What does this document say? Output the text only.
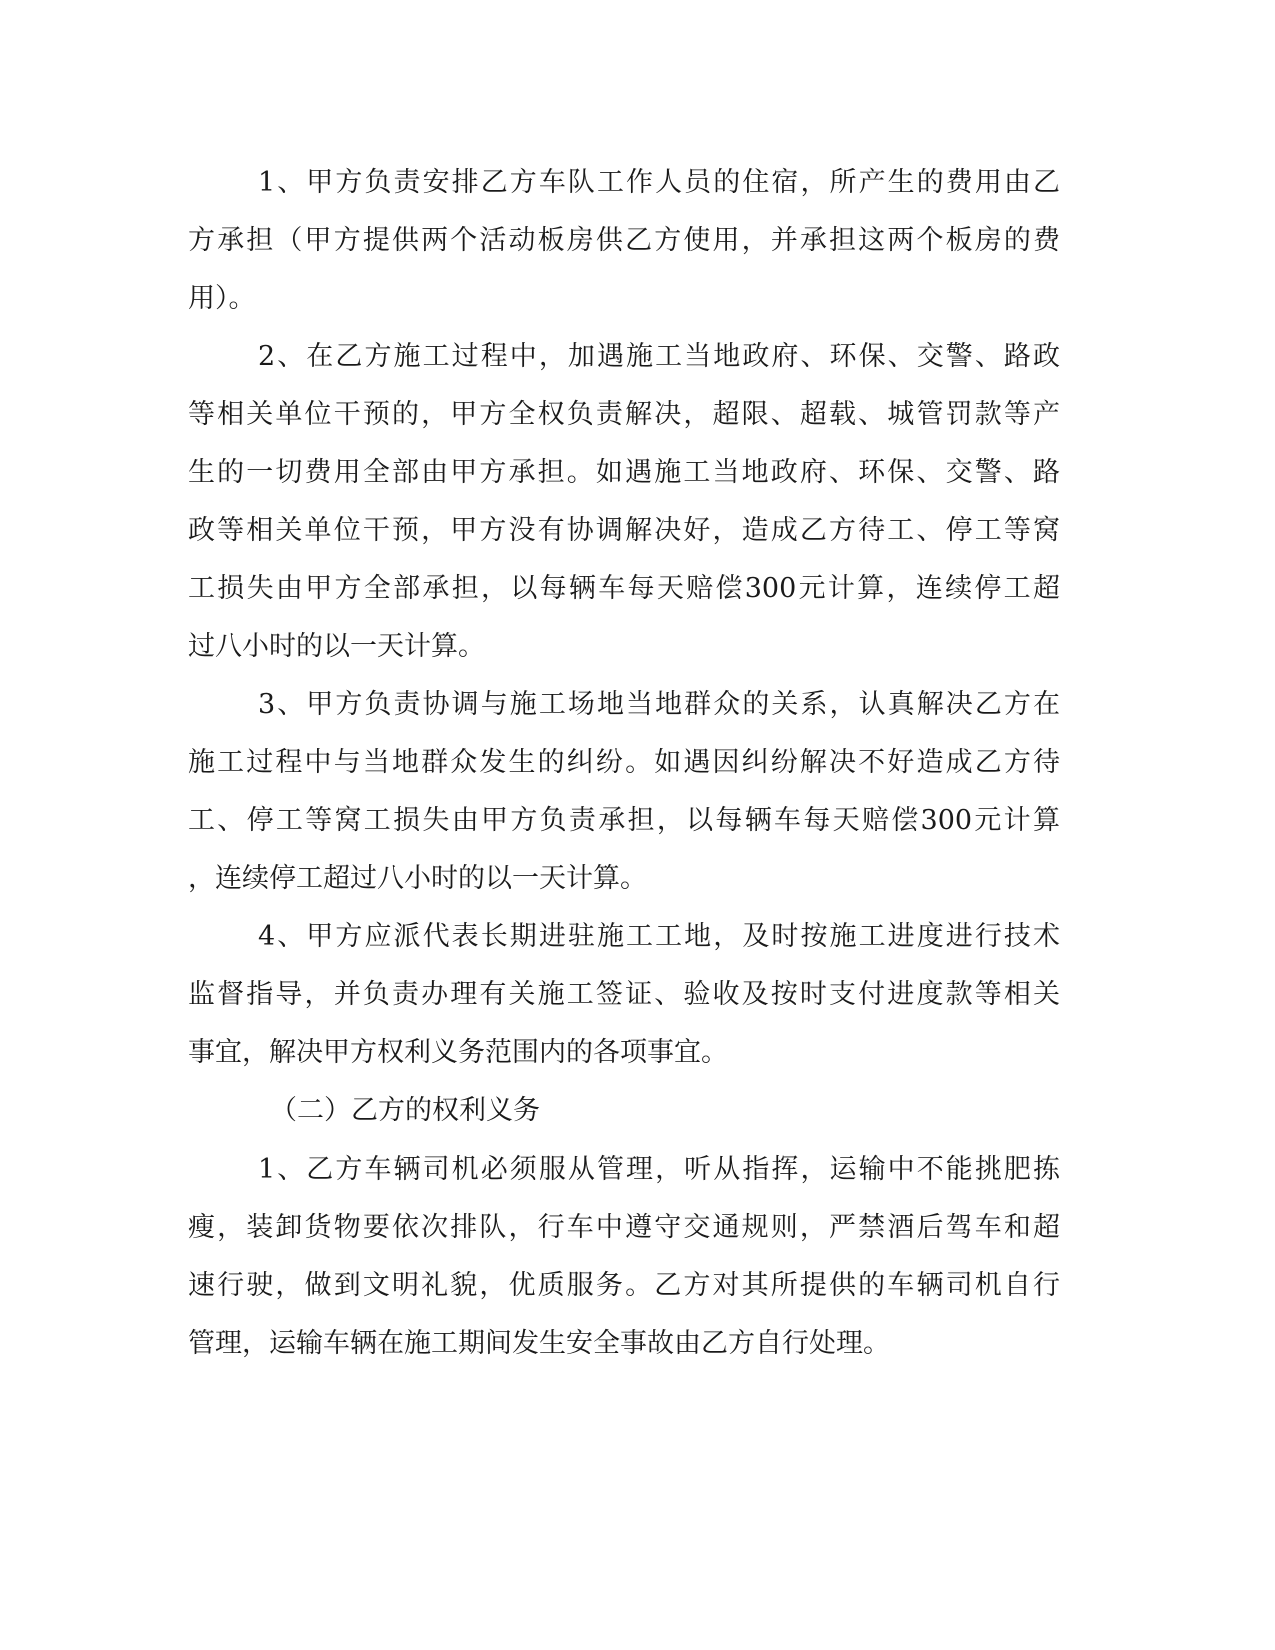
1、甲方负责安排乙方车队工作人员的住宿，所产生的费用由乙
方承担（甲方提供两个活动板房供乙方使用，并承担这两个板房的费
用）。
2、在乙方施工过程中，加遇施工当地政府、环保、交警、路政
等相关单位干预的，甲方全权负责解决，超限、超载、城管罚款等产
生的一切费用全部由甲方承担。如遇施工当地政府、环保、交警、路
政等相关单位干预，甲方没有协调解决好，造成乙方待工、停工等窝
工损失由甲方全部承担，以每辆车每天赔偿300元计算，连续停工超
过八小时的以一天计算。
3、甲方负责协调与施工场地当地群众的关系，认真解决乙方在
施工过程中与当地群众发生的纠纷。如遇因纠纷解决不好造成乙方待
工、停工等窝工损失由甲方负责承担，以每辆车每天赔偿300元计算
，连续停工超过八小时的以一天计算。
4、甲方应派代表长期进驻施工工地，及时按施工进度进行技术
监督指导，并负责办理有关施工签证、验收及按时支付进度款等相关
事宜，解决甲方权利义务范围内的各项事宜。
（二）乙方的权利义务
1、乙方车辆司机必须服从管理，听从指挥，运输中不能挑肥拣
瘦，装卸货物要依次排队，行车中遵守交通规则，严禁酒后驾车和超
速行驶，做到文明礼貌，优质服务。乙方对其所提供的车辆司机自行
管理，运输车辆在施工期间发生安全事故由乙方自行处理。
